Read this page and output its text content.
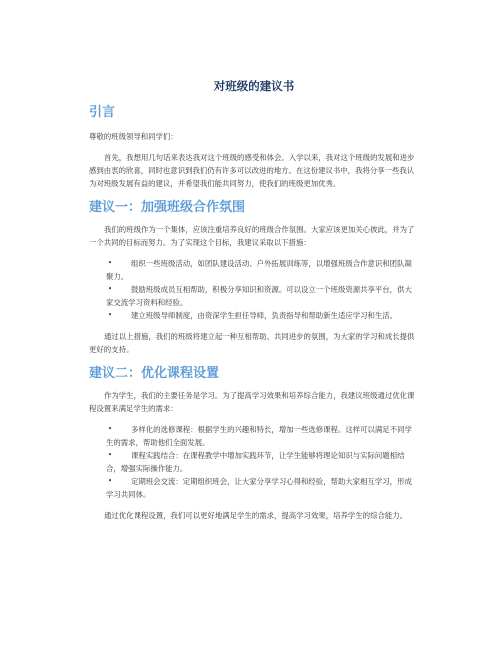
对班级的建议书
引言
尊敬的班级领导和同学们：
首先，我想用几句话来表达我对这个班级的感受和体会。入学以来，我对这个班级的发展和进步感到由衷的欣喜，同时也意识到我们仍有许多可以改进的地方。在这份建议书中，我将分享一些我认为对班级发展有益的建议，并希望我们能共同努力，使我们的班级更加优秀。
建议一：加强班级合作氛围
我们的班级作为一个集体，应该注重培养良好的班级合作氛围。大家应该更加关心彼此，并为了一个共同的目标而努力。为了实现这个目标，我建议采取以下措施：
•	组织一些班级活动，如团队建设活动、户外拓展训练等，以增强班级合作意识和团队凝聚力。
•	鼓励班级成员互相帮助，积极分享知识和资源。可以设立一个班级资源共享平台，供大家交流学习资料和经验。
•	建立班级导师制度，由资深学生担任导师，负责指导和帮助新生适应学习和生活。
通过以上措施，我们的班级将建立起一种互相帮助、共同进步的氛围，为大家的学习和成长提供更好的支持。
建议二：优化课程设置
作为学生，我们的主要任务是学习。为了提高学习效果和培养综合能力，我建议班级通过优化课程设置来满足学生的需求：
•	多样化的选修课程：根据学生的兴趣和特长，增加一些选修课程。这样可以满足不同学生的需求，帮助他们全面发展。
•	课程实践结合：在课程教学中增加实践环节，让学生能够将理论知识与实际问题相结合，增强实际操作能力。
•	定期班会交流：定期组织班会，让大家分享学习心得和经验，帮助大家相互学习，形成学习共同体。
通过优化课程设置，我们可以更好地满足学生的需求，提高学习效果，培养学生的综合能力。
